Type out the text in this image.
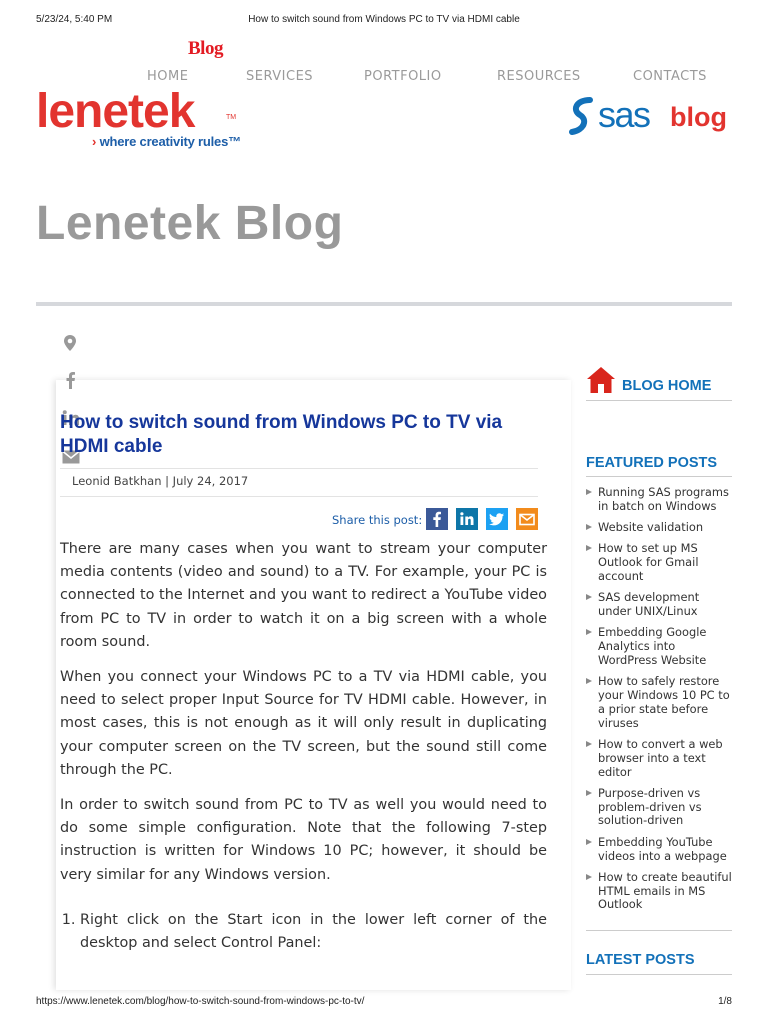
5/23/24, 5:40 PM	How to switch sound from Windows PC to TV via HDMI cable
Blog
HOME	SERVICES	PORTFOLIO	RESOURCES	CONTACTS
lenetek	TM
› where creativity rules™
sas blog
Lenetek Blog
How to switch sound from Windows PC to TV via HDMI cable
Leonid Batkhan | July 24, 2017
Share this post:

There are many cases when you want to stream your computer media contents (video and sound) to a TV. For example, your PC is connected to the Internet and you want to redirect a YouTube video from PC to TV in order to watch it on a big screen with a whole room sound.

When you connect your Windows PC to a TV via HDMI cable, you need to select proper Input Source for TV HDMI cable. However, in most cases, this is not enough as it will only result in duplicating your computer screen on the TV screen, but the sound still come through the PC.

In order to switch sound from PC to TV as well you would need to do some simple configuration. Note that the following 7-step instruction is written for Windows 10 PC; however, it should be very similar for any Windows version.

1. Right click on the Start icon in the lower left corner of the desktop and select Control Panel:
BLOG HOME
FEATURED POSTS
Running SAS programs in batch on Windows
Website validation
How to set up MS Outlook for Gmail account
SAS development under UNIX/Linux
Embedding Google Analytics into WordPress Website
How to safely restore your Windows 10 PC to a prior state before viruses
How to convert a web browser into a text editor
Purpose-driven vs problem-driven vs solution-driven
Embedding YouTube videos into a webpage
How to create beautiful HTML emails in MS Outlook
LATEST POSTS
https://www.lenetek.com/blog/how-to-switch-sound-from-windows-pc-to-tv/	1/8
